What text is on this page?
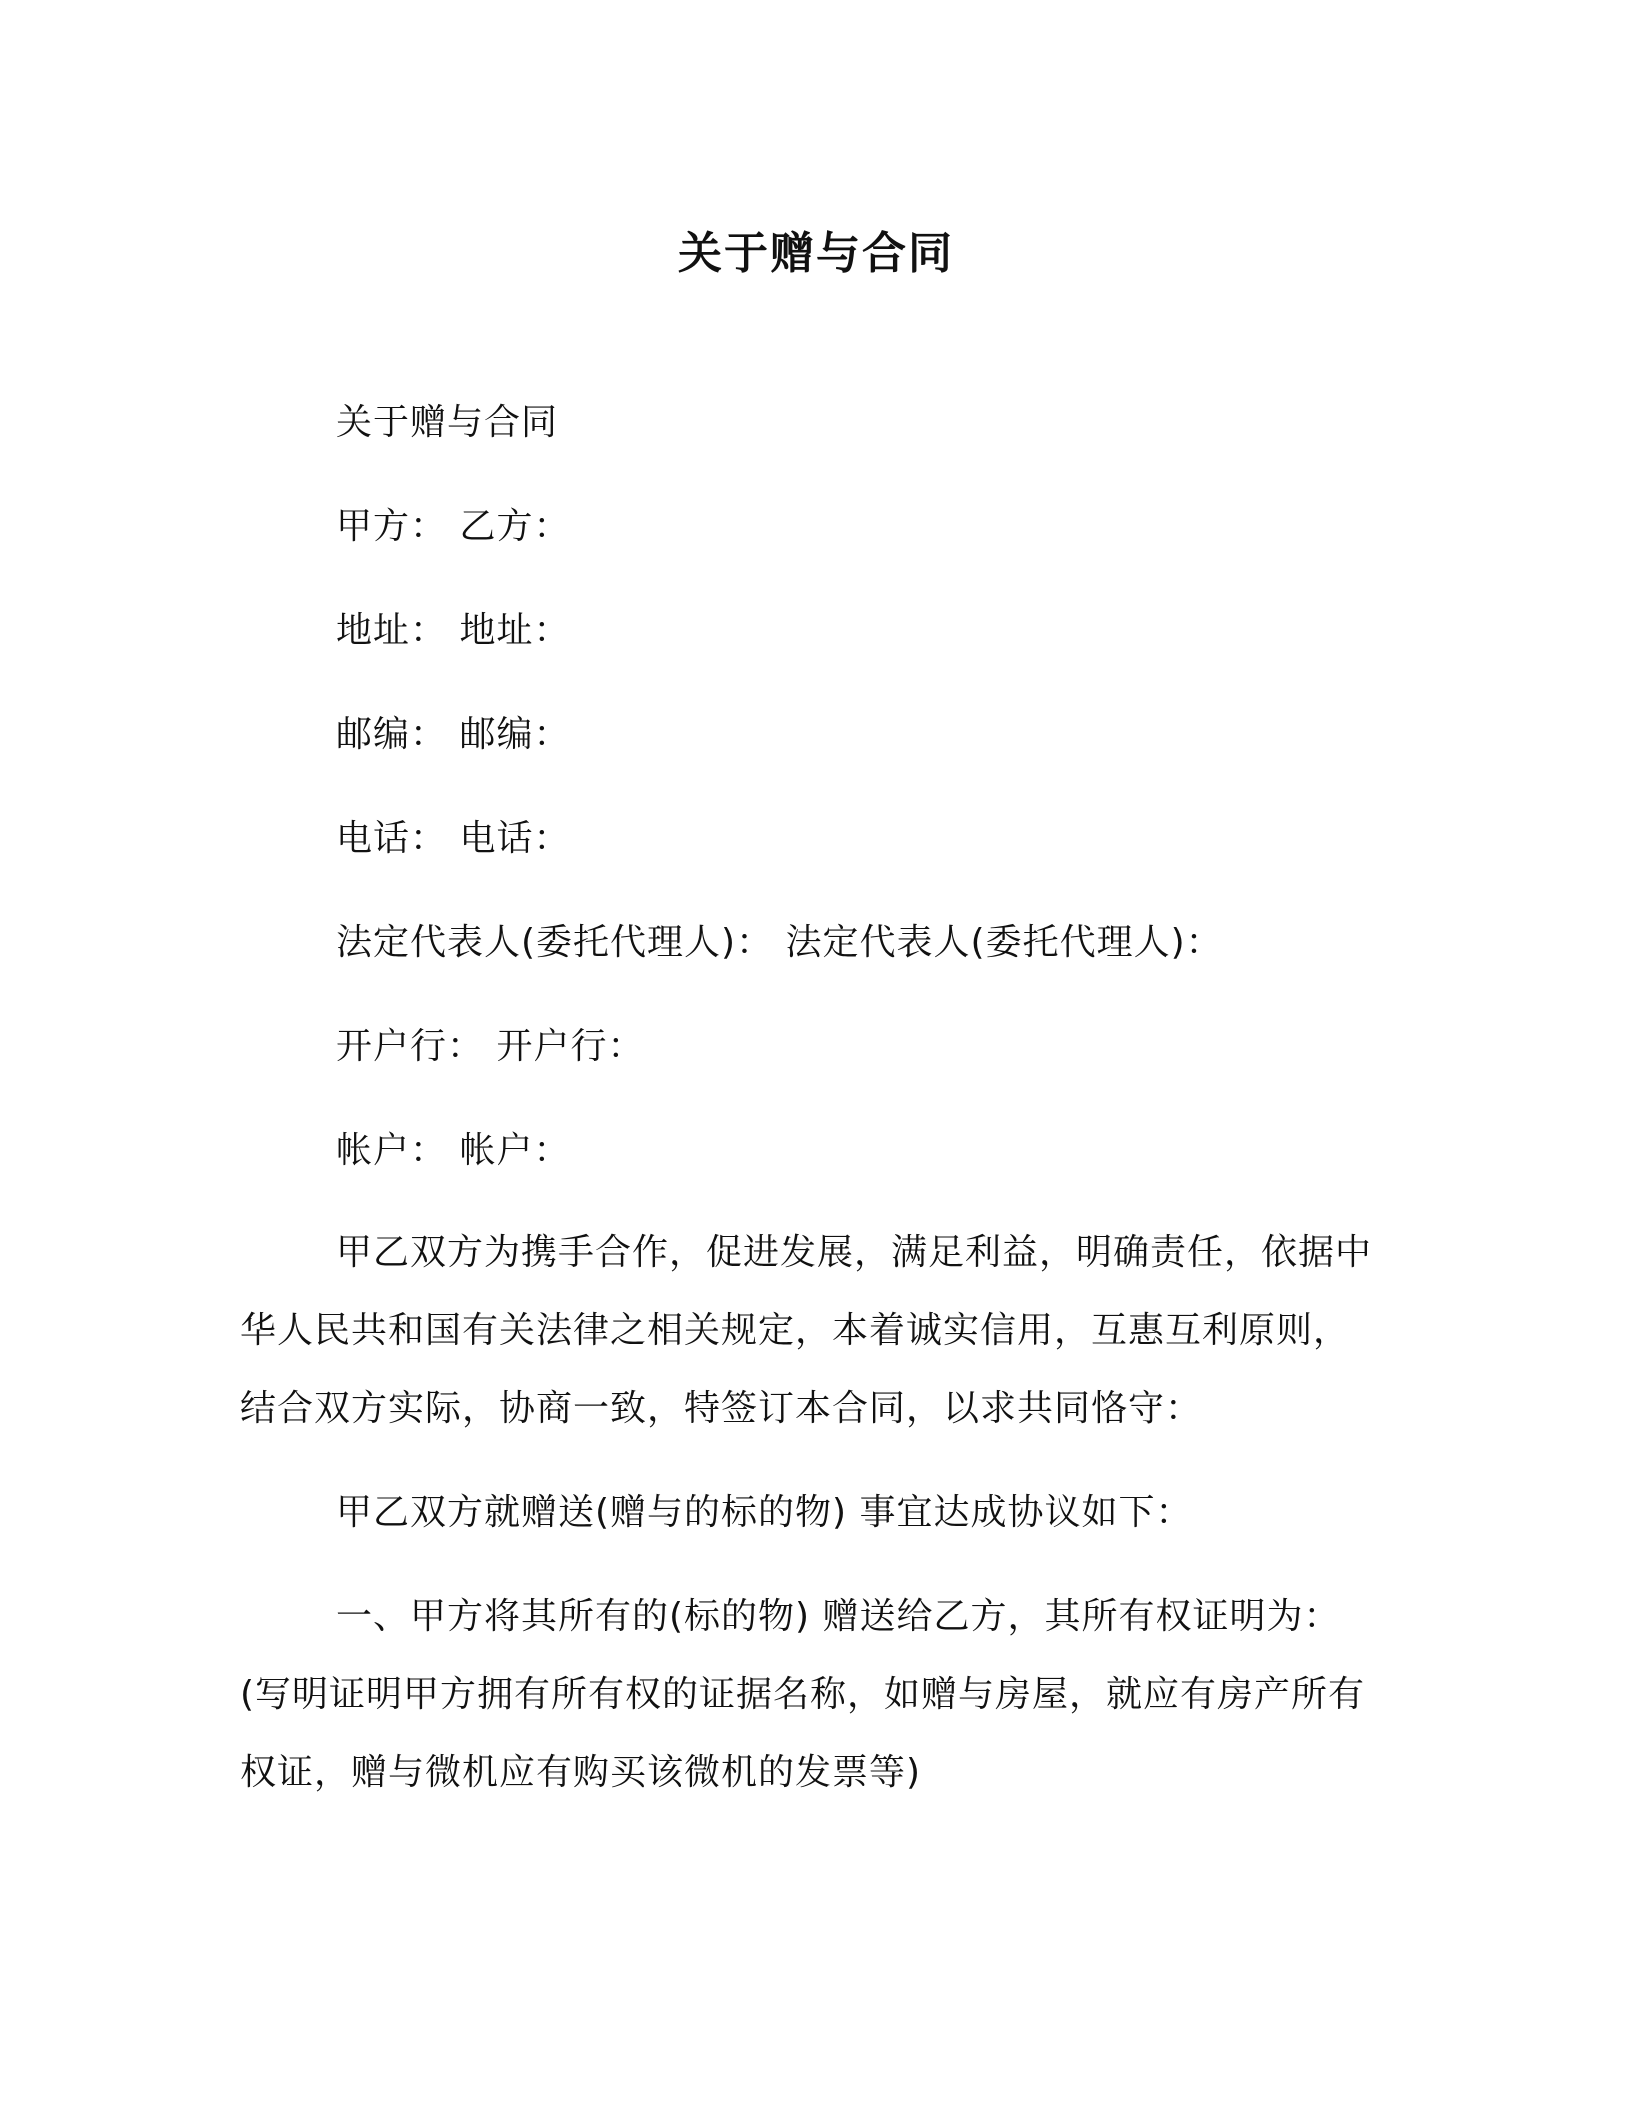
关于赠与合同
关于赠与合同
甲方： 乙方：
地址： 地址：
邮编： 邮编：
电话： 电话：
法定代表人(委托代理人)： 法定代表人(委托代理人)：
开户行： 开户行：
帐户： 帐户：
甲乙双方为携手合作，促进发展，满足利益，明确责任，依据中华人民共和国有关法律之相关规定，本着诚实信用，互惠互利原则，结合双方实际，协商一致，特签订本合同，以求共同恪守：
甲乙双方就赠送(赠与的标的物) 事宜达成协议如下：
一、甲方将其所有的(标的物) 赠送给乙方，其所有权证明为：(写明证明甲方拥有所有权的证据名称，如赠与房屋，就应有房产所有权证，赠与微机应有购买该微机的发票等)
